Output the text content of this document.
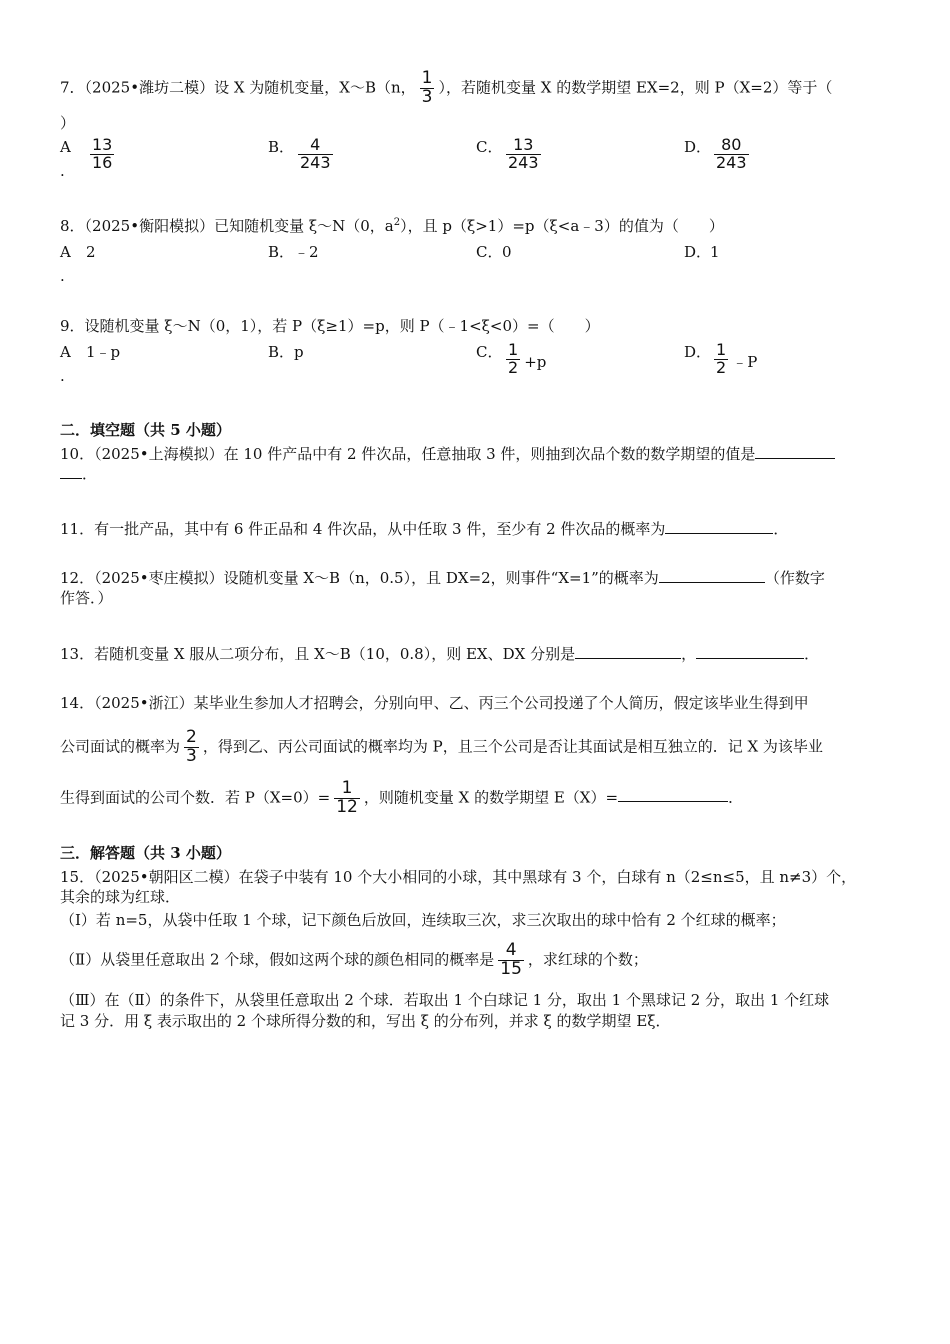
7．（2025•潍坊二模）设 X 为随机变量，X～B（n， $\frac{1}{3}$ ），若随机变量 X 的数学期望 EX=2，则 P（X=2）等于（
）
A	$\frac{13}{16}$
.
B． $\frac{4}{243}$	C． $\frac{13}{243}$	D． $\frac{80}{243}$
8．（2025•衡阳模拟）已知随机变量 ξ～N（0，$a^2$），且 p（ξ>1）=p（ξ<a﹣3）的值为（　　）
A	2
.
B． ﹣2	C． 0	D．
1
9．设随机变量 ξ～N（0，1），若 P（ξ≥1）=p，则 P（﹣1<ξ<0）=（　　）
A	1﹣p
.
B． p	C． $\frac{1}{2} +p$
D． $\frac{1}{2}$ ﹣P
二．填空题（共 5 小题）
10．（2025•上海模拟）在 10 件产品中有 2 件次品，任意抽取 3 件，则抽到次品个数的数学期望的值是
．
11．有一批产品，其中有 6 件正品和 4 件次品，从中任取 3 件，至少有 2 件次品的概率为	．
12．（2025•枣庄模拟）设随机变量 X～B（n，0.5），且 DX=2，则事件“X=1”的概率为	（作数字
作答．）
13．若随机变量 X 服从二项分布，且 X～B（10，0.8），则 EX、DX 分别是	，	．
14．（2025•浙江）某毕业生参加人才招聘会，分别向甲、乙、丙三个公司投递了个人简历，假定该毕业生得到甲
公司面试的概率为 $\frac{2}{3}$ ，得到乙、丙公司面试的概率均为 P，且三个公司是否让其面试是相互独立的．记 X 为该毕业
生得到面试的公司个数．若 $P(X=0)= \frac{1}{12}$ ，则随机变量 X 的数学期望 E（X）=	．
三．解答题（共 3 小题）
15．（2025•朝阳区二模）在袋子中装有 10 个大小相同的小球，其中黑球有 3 个，白球有 n（2≤n≤5，且 n≠3）个，
其余的球为红球．
（Ⅰ）若 n=5，从袋中任取 1 个球，记下颜色后放回，连续取三次，求三次取出的球中恰有 2 个红球的概率；
（Ⅱ）从袋里任意取出 2 个球，假如这两个球的颜色相同的概率是 $\frac{4}{15}$ ，求红球的个数；
（Ⅲ）在（Ⅱ）的条件下，从袋里任意取出 2 个球．若取出 1 个白球记 1 分，取出 1 个黑球记 2 分，取出 1 个红球
记 3 分．用 ξ 表示取出的 2 个球所得分数的和，写出 ξ 的分布列，并求 ξ 的数学期望 Eξ．
